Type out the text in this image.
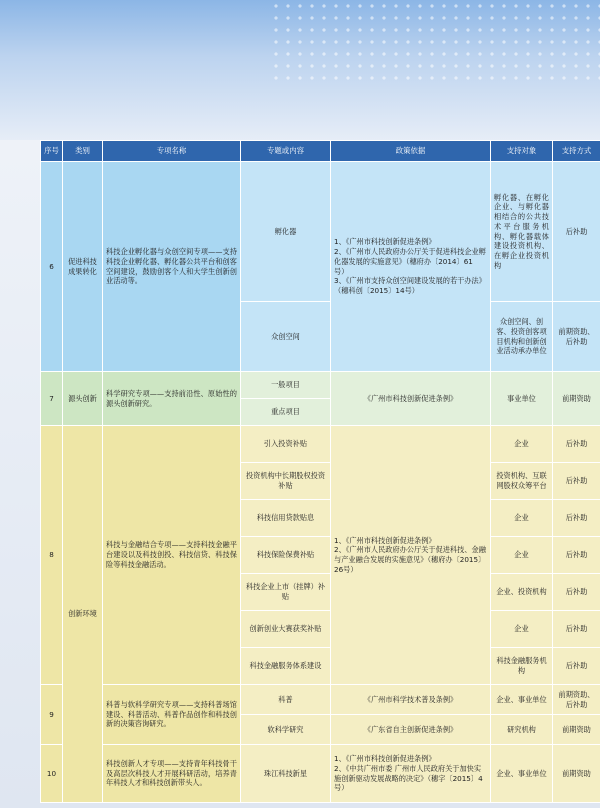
序号	类别	专项名称	专题或内容	政策依据	支持对象	支持方式
6	促进科技成果转化	科技企业孵化器与众创空间专项——支持科技企业孵化器、孵化器公共平台和创客空间建设，鼓励创客个人和大学生创新创业活动等。	孵化器	1、《广州市科技创新促进条例》
2、《广州市人民政府办公厅关于促进科技企业孵化器发展的实施意见》（穗府办〔2014〕61号）
3、《广州市支持众创空间建设发展的若干办法》（穗科创〔2015〕14号）	孵化器、在孵化企业、与孵化器相结合的公共技术平台服务机构、孵化器载体建设投资机构、在孵企业投资机构	后补助
			众创空间		众创空间、创客、投资创客项目机构和创新创业活动承办单位	前期资助、后补助
7	源头创新	科学研究专项——支持前沿性、原始性的源头创新研究。	一般项目	《广州市科技创新促进条例》	事业单位	前期资助
			重点项目			
8	创新环境	科技与金融结合专项——支持科技金融平台建设以及科技创投、科技信贷、科技保险等科技金融活动。	引入投资补贴	1、《广州市科技创新促进条例》
2、《广州市人民政府办公厅关于促进科技、金融与产业融合发展的实施意见》（穗府办〔2015〕26号）	企业	后补助
			投资机构中长期股权投资补贴		投资机构、互联网股权众筹平台	后补助
			科技信用贷款贴息		企业	后补助
			科技保险保费补贴		企业	后补助
			科技企业上市（挂牌）补贴		企业、投资机构	后补助
			创新创业大赛获奖补贴		企业	后补助
			科技金融服务体系建设		科技金融服务机构	后补助
9		科普与软科学研究专项——支持科普场馆建设、科普活动、科普作品创作和科技创新的决策咨询研究。	科普	《广州市科学技术普及条例》	企业、事业单位	前期资助、后补助
			软科学研究	《广东省自主创新促进条例》	研究机构	前期资助
10		科技创新人才专项——支持青年科技骨干及高层次科技人才开展科研活动，培养青年科技人才和科技创新带头人。	珠江科技新星	1、《广州市科技创新促进条例》
2、《中共广州市委 广州市人民政府关于加快实施创新驱动发展战略的决定》（穗字〔2015〕4号）	企业、事业单位	前期资助
